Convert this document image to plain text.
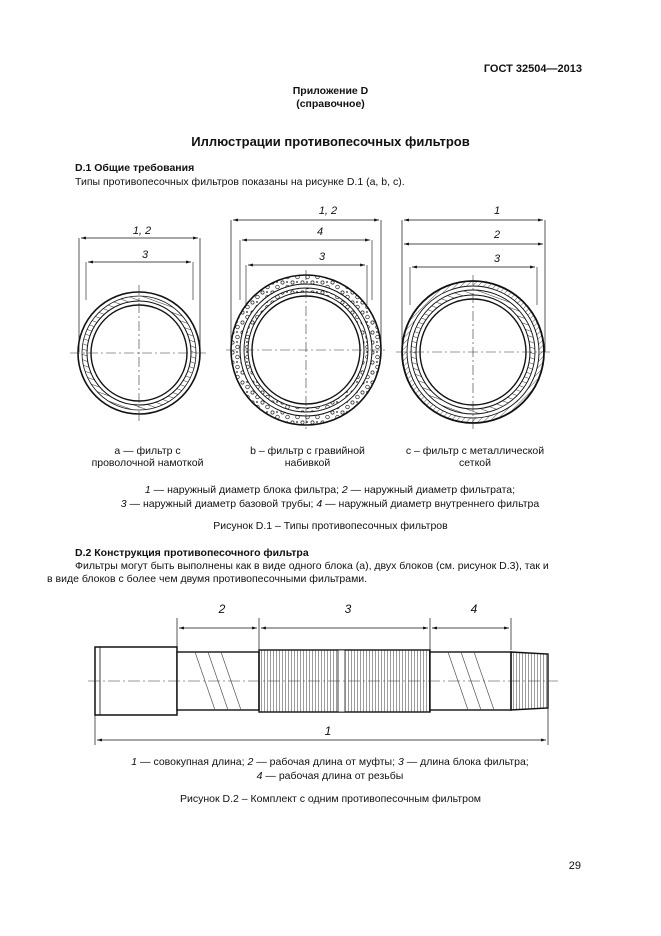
ГОСТ 32504—2013
Приложение D
(справочное)
Иллюстрации противопесочных фильтров
D.1 Общие требования
Типы противопесочных фильтров показаны на рисунке D.1 (a, b, c).
a — фильтр с
проволочной намоткой
b – фильтр с гравийной
набивкой
c – фильтр с металлической
сеткой
1 — наружный диаметр блока фильтра; 2 — наружный диаметр фильтрата;
3 — наружный диаметр базовой трубы; 4 — наружный диаметр внутреннего фильтра
Рисунок D.1 – Типы противопесочных фильтров
D.2 Конструкция противопесочного фильтра
Фильтры могут быть выполнены как в виде одного блока (a), двух блоков (см. рисунок D.3), так и
в виде блоков с более чем двумя противопесочными фильтрами.
1 — совокупная длина; 2 — рабочая длина от муфты; 3 — длина блока фильтра;
4 — рабочая длина от резьбы
Рисунок D.2 – Комплект с одним противопесочным фильтром
29
1, 2
3
1, 2
4
3
1
2
3
2	3	4
1
